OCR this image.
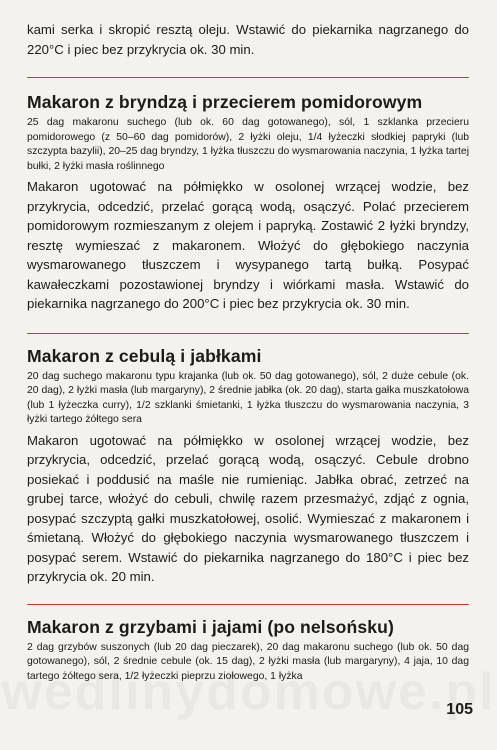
kami serka i skropić resztą oleju. Wstawić do piekarnika nagrzanego do 220°C i piec bez przykrycia ok. 30 min.

Makaron z bryndzą i przecierem pomidorowym

25 dag makaronu suchego (lub ok. 60 dag gotowanego), sól, 1 szklanka przecieru pomidorowego (z 50–60 dag pomidorów), 2 łyżki oleju, 1/4 łyżeczki słodkiej papryki (lub szczypta bazylii), 20–25 dag bryndzy, 1 łyżka tłuszczu do wysmarowania naczynia, 1 łyżka tartej bułki, 2 łyżki masła roślinnego

Makaron ugotować na półmiękko w osolonej wrzącej wodzie, bez przykrycia, odcedzić, przelać gorącą wodą, osączyć. Polać przecierem pomidorowym rozmieszanym z olejem i papryką. Zostawić 2 łyżki bryndzy, resztę wymieszać z makaronem. Włożyć do głębokiego naczynia wysmarowanego tłuszczem i wysypanego tartą bułką. Posypać kawałeczkami pozostawionej bryndzy i wiórkami masła. Wstawić do piekarnika nagrzanego do 200°C i piec bez przykrycia ok. 30 min.

Makaron z cebulą i jabłkami

20 dag suchego makaronu typu krajanka (lub ok. 50 dag gotowanego), sól, 2 duże cebule (ok. 20 dag), 2 łyżki masła (lub margaryny), 2 średnie jabłka (ok. 20 dag), starta gałka muszkatołowa (lub 1 łyżeczka curry), 1/2 szklanki śmietanki, 1 łyżka tłuszczu do wysmarowania naczynia, 3 łyżki tartego żółtego sera

Makaron ugotować na półmiękko w osolonej wrzącej wodzie, bez przykrycia, odcedzić, przelać gorącą wodą, osączyć. Cebule drobno posiekać i poddusić na maśle nie rumieniąc. Jabłka obrać, zetrzeć na grubej tarce, włożyć do cebuli, chwilę razem przesmażyć, zdjąć z ognia, posypać szczyptą gałki muszkatołowej, osolić. Wymieszać z makaronem i śmietaną. Włożyć do głębokiego naczynia wysmarowanego tłuszczem i posypać serem. Wstawić do piekarnika nagrzanego do 180°C i piec bez przykrycia ok. 20 min.

Makaron z grzybami i jajami (po nelsońsku)

2 dag grzybów suszonych (lub 20 dag pieczarek), 20 dag makaronu suchego (lub ok. 50 dag gotowanego), sól, 2 średnie cebule (ok. 15 dag), 2 łyżki masła (lub margaryny), 4 jaja, 10 dag tartego żółtego sera, 1/2 łyżeczki pieprzu ziołowego, 1 łyżka

105
